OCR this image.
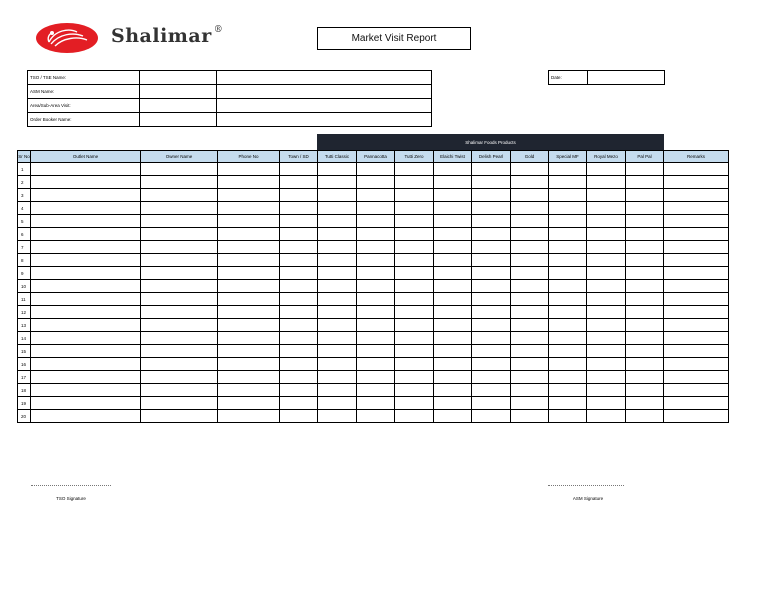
Shalimar ®
Market Visit Report
TSO / TSE Name:		
ASM Name:		
Area/Sub-Area Visit:		
Order Booker Name:		
Date:	
Shalimar Foods Products
Sr No	Outlet Name	Owner Name	Phone No	Town / SD	Tutti Classic	Pannacotta	Tutti Zero	Elaichi Twist	Delish Pearl	Gold	Special MF	Royal Mezo	Pal Pal	Remarks
1														
2														
3														
4														
5														
6														
7														
8														
9														
10														
11														
12														
13														
14														
15														
16														
17														
18														
19														
20														
TSO Signature	ASM Signature
